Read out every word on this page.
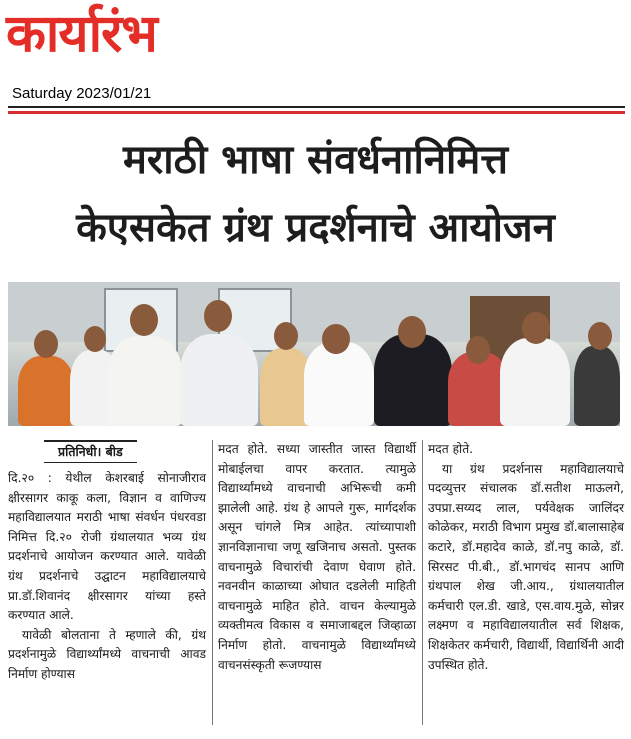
कार्यारंभ
Saturday 2023/01/21
मराठी भाषा संवर्धनानिमित्त
केएसकेत ग्रंथ प्रदर्शनाचे आयोजन
प्रतिनिधी। बीड

दि.२० : येथील केशरबाई सोनाजीराव क्षीरसागर काकू कला, विज्ञान व वाणिज्य महाविद्यालयात मराठी भाषा संवर्धन पंधरवडा निमित्त दि.२० रोजी ग्रंथालयात भव्य ग्रंथ प्रदर्शनाचे आयोजन करण्यात आले. यावेळी ग्रंथ प्रदर्शनाचे उद्घाटन महाविद्यालयाचे प्रा.डॉ.शिवानंद क्षीरसागर यांच्या हस्ते करण्यात आले.

यावेळी बोलताना ते म्हणाले की, ग्रंथ प्रदर्शनामुळे विद्यार्थ्यांमध्ये वाचनाची आवड निर्माण होण्यास

मदत होते. सध्या जास्तीत जास्त विद्यार्थी मोबाईलचा वापर करतात. त्यामुळे विद्यार्थ्यांमध्ये वाचनाची अभिरूची कमी झालेली आहे. ग्रंथ हे आपले गुरू, मार्गदर्शक असून चांगले मित्र आहेत. त्यांच्यापाशी ज्ञानविज्ञानाचा जणू खजिनाच असतो. पुस्तक वाचनामुळे विचारांची देवाण घेवाण होते. नवनवीन काळाच्या ओघात दडलेली माहिती वाचनामुळे माहित होते. वाचन केल्यामुळे व्यक्तीमत्व विकास व समाजाबद्दल जिव्हाळा निर्माण होतो. वाचनामुळे विद्यार्थ्यांमध्ये वाचनसंस्कृती रूजण्यास

मदत होते.

या ग्रंथ प्रदर्शनास महाविद्यालयाचे पदव्युत्तर संचालक डॉ.सतीश माऊलगे, उपप्रा.सय्यद लाल, पर्यवेक्षक जालिंदर कोळेकर, मराठी विभाग प्रमुख डॉ.बालासाहेब कटारे, डॉ.महादेव काळे, डॉ.नपु काळे, डॉ. सिरसट पी.बी., डॉ.भागचंद सानप आणि ग्रंथपाल शेख जी.आय., ग्रंथालयातील कर्मचारी एल.डी. खाडे, एस.वाय.मुळे, सोन्नर लक्ष्मण व महाविद्यालयातील सर्व शिक्षक, शिक्षकेतर कर्मचारी, विद्यार्थी, विद्यार्थिनी आदी उपस्थित होते.
